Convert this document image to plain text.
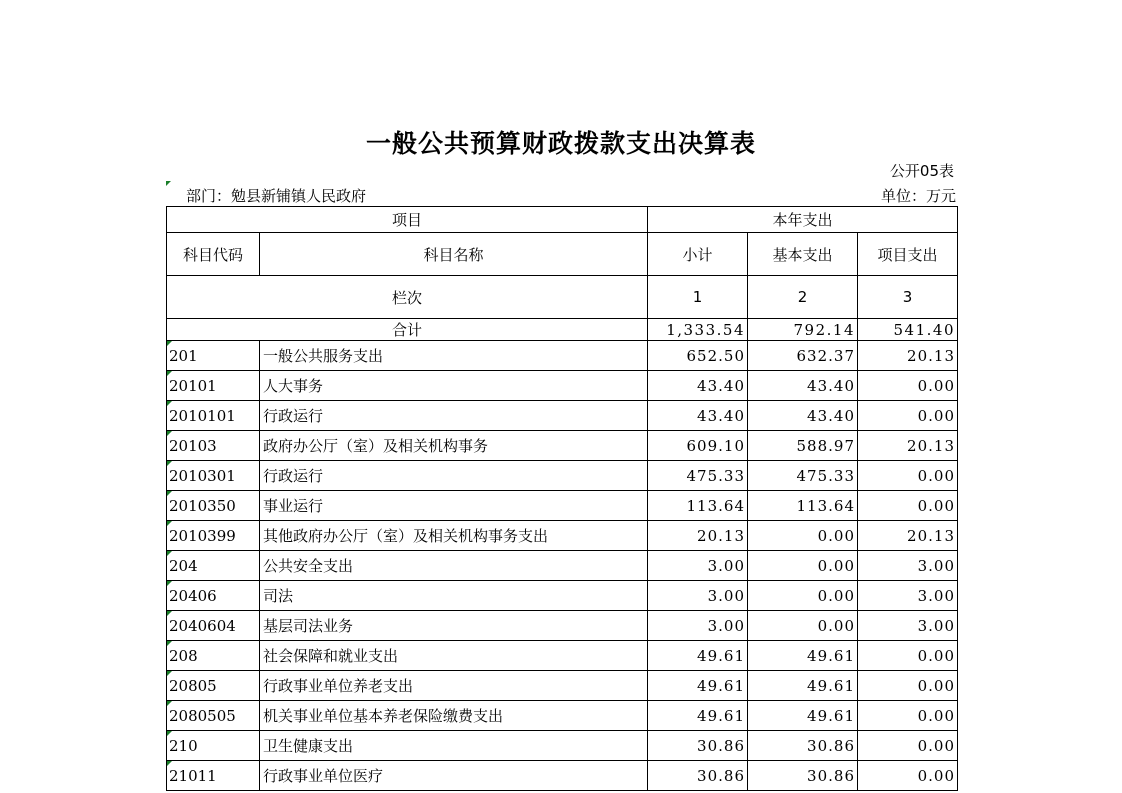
一般公共预算财政拨款支出决算表
公开05表
部门：勉县新铺镇人民政府	单位：万元
项目		本年支出		
科目代码	科目名称	小计	基本支出	项目支出
栏次		1	2	3
合计		1,333.54	792.14	541.40
201	一般公共服务支出	652.50	632.37	20.13
20101	人大事务	43.40	43.40	0.00
2010101	行政运行	43.40	43.40	0.00
20103	政府办公厅（室）及相关机构事务	609.10	588.97	20.13
2010301	行政运行	475.33	475.33	0.00
2010350	事业运行	113.64	113.64	0.00
2010399	其他政府办公厅（室）及相关机构事务支出	20.13	0.00	20.13
204	公共安全支出	3.00	0.00	3.00
20406	司法	3.00	0.00	3.00
2040604	基层司法业务	3.00	0.00	3.00
208	社会保障和就业支出	49.61	49.61	0.00
20805	行政事业单位养老支出	49.61	49.61	0.00
2080505	机关事业单位基本养老保险缴费支出	49.61	49.61	0.00
210	卫生健康支出	30.86	30.86	0.00
21011	行政事业单位医疗	30.86	30.86	0.00
